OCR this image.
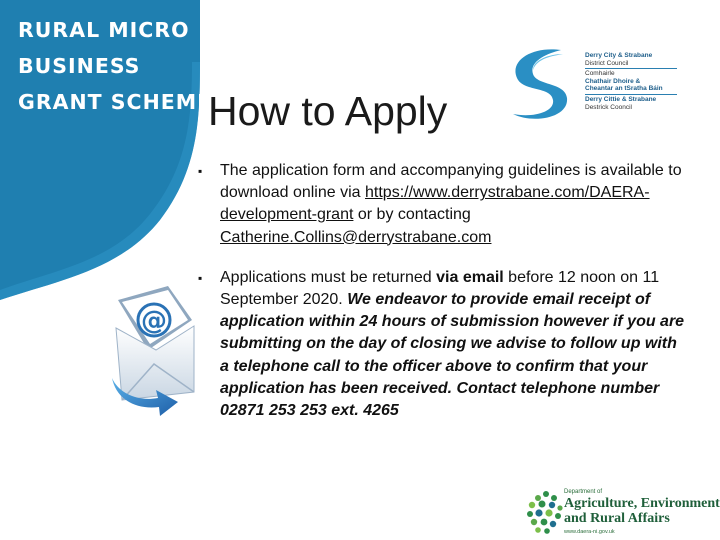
RURAL MICRO
BUSINESS
GRANT SCHEME
How to Apply
Derry City & Strabane
District Council
Comhairle
Chathair Dhoire &
Cheantar an tSratha Báin
Derry Cittie & Strabane
Destrick Cooncil
▪ The application form and accompanying guidelines is available to download online via https://www.derrystrabane.com/DAERA-development-grant or by contacting Catherine.Collins@derrystrabane.com
▪ Applications must be returned via email before 12 noon on 11 September 2020. We endeavor to provide email receipt of application within 24 hours of submission however if you are submitting on the day of closing we advise to follow up with a telephone call to the officer above to confirm that your application has been received. Contact telephone number 02871 253 253 ext. 4265
@
Department of
Agriculture, Environment
and Rural Affairs
www.daera-ni.gov.uk
